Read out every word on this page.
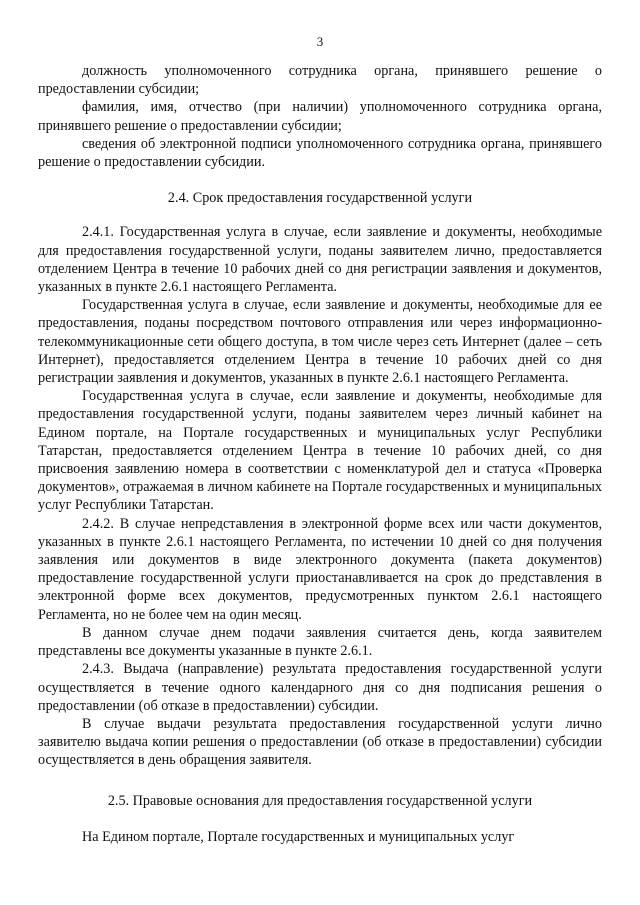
3

должность уполномоченного сотрудника органа, принявшего решение о предоставлении субсидии;

фамилия, имя, отчество (при наличии) уполномоченного сотрудника органа, принявшего решение о предоставлении субсидии;

сведения об электронной подписи уполномоченного сотрудника органа, принявшего решение о предоставлении субсидии.

2.4. Срок предоставления государственной услуги

2.4.1. Государственная услуга в случае, если заявление и документы, необходимые для предоставления государственной услуги, поданы заявителем лично, предоставляется отделением Центра в течение 10 рабочих дней со дня регистрации заявления и документов, указанных в пункте 2.6.1 настоящего Регламента.

Государственная услуга в случае, если заявление и документы, необходимые для ее предоставления, поданы посредством почтового отправления или через информационно-телекоммуникационные сети общего доступа, в том числе через сеть Интернет (далее – сеть Интернет), предоставляется отделением Центра в течение 10 рабочих дней со дня регистрации заявления и документов, указанных в пункте 2.6.1 настоящего Регламента.

Государственная услуга в случае, если заявление и документы, необходимые для предоставления государственной услуги, поданы заявителем через личный кабинет на Едином портале, на Портале государственных и муниципальных услуг Республики Татарстан, предоставляется отделением Центра в течение 10 рабочих дней, со дня присвоения заявлению номера в соответствии с номенклатурой дел и статуса «Проверка документов», отражаемая в личном кабинете на Портале государственных и муниципальных услуг Республики Татарстан.

2.4.2. В случае непредставления в электронной форме всех или части документов, указанных в пункте 2.6.1 настоящего Регламента, по истечении 10 дней со дня получения заявления или документов в виде электронного документа (пакета документов) предоставление государственной услуги приостанавливается на срок до представления в электронной форме всех документов, предусмотренных пунктом 2.6.1 настоящего Регламента, но не более чем на один месяц.

В данном случае днем подачи заявления считается день, когда заявителем представлены все документы указанные в пункте 2.6.1.

2.4.3. Выдача (направление) результата предоставления государственной услуги осуществляется в течение одного календарного дня со дня подписания решения о предоставлении (об отказе в предоставлении) субсидии.

В случае выдачи результата предоставления государственной услуги лично заявителю выдача копии решения о предоставлении (об отказе в предоставлении) субсидии осуществляется в день обращения заявителя.

2.5. Правовые основания для предоставления государственной услуги

На Едином портале, Портале государственных и муниципальных услуг
